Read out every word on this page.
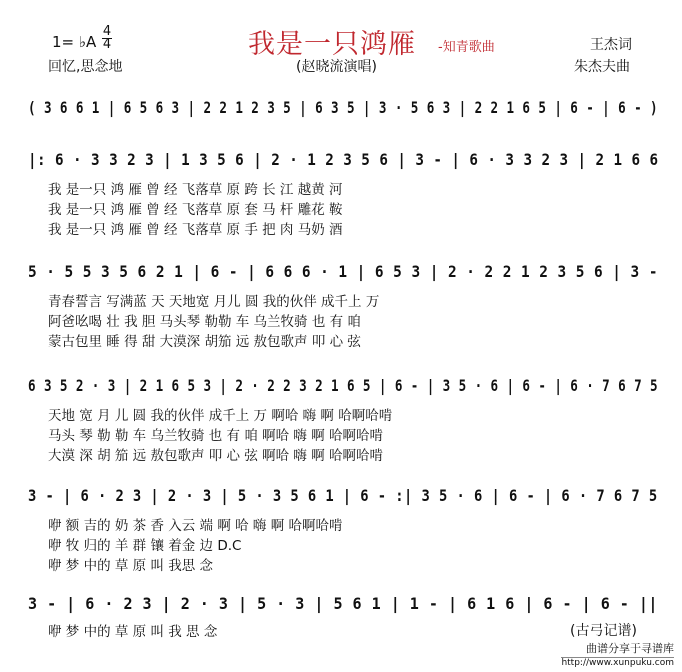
1= ♭A
4
4
回忆,思念地
我是一只鸿雁 -知青歌曲
(赵晓流演唱)
王杰词
朱杰夫曲
( 3 6 6 1 | 6 5 6 3 | 2 2 1 2 3 5 | 6 3 5 | 3 · 5 6 3 | 2 2 1 6 5 | 6 - | 6 - )
|: 6 · 3 3 2 3 | 1 3 5 6 | 2 · 1 2 3 5 6 | 3 - | 6 · 3 3 2 3 | 2 1 6 6
我 是一只 鸿 雁 曾 经 飞落草 原 跨 长 江 越黄 河
我 是一只 鸿 雁 曾 经 飞落草 原 套 马 杆 雕花 鞍
我 是一只 鸿 雁 曾 经 飞落草 原 手 把 肉 马奶 酒
5 · 5 5 3 5 6 2 1 | 6 - | 6 6 6 · 1 | 6 5 3 | 2 · 2 2 1 2 3 5 6 | 3 -
青春誓言 写满蓝 天 天地宽 月儿 圆 我的伙伴 成千上 万
阿爸吆喝 壮 我 胆 马头琴 勒勒 车 乌兰牧骑 也 有 咱
蒙古包里 睡 得 甜 大漠深 胡笳 远 敖包歌声 叩 心 弦
6 3 5 2 · 3 | 2 1 6 5 3 | 2 · 2 2 3 2 1 6 5 | 6 - | 3 5 · 6 | 6 - | 6 · 7 6 7 5
天地 宽 月 儿 圆 我的伙伴 成千上 万 啊哈 嗨 啊 哈啊哈啃
马头 琴 勒 勒 车 乌兰牧骑 也 有 咱 啊哈 嗨 啊 哈啊哈啃
大漠 深 胡 笳 远 敖包歌声 叩 心 弦 啊哈 嗨 啊 哈啊哈啃
3 - | 6 · 2 3 | 2 · 3 | 5 · 3 5 6 1 | 6 - :| 3 5 · 6 | 6 - | 6 · 7 6 7 5
咿 额 吉的 奶 茶 香 入云 端 啊 哈 嗨 啊 哈啊哈啃
咿 牧 归的 羊 群 镶 着金 边 D.C
咿 梦 中的 草 原 叫 我思 念
3 - | 6 · 2 3 | 2 · 3 | 5 · 3 | 5 6 1 | 1 - | 6 1 6 | 6 - | 6 - ||
咿 梦 中的 草 原 叫 我 思 念	(古弓记谱)
曲谱分享于寻谱库
http://www.xunpuku.com
